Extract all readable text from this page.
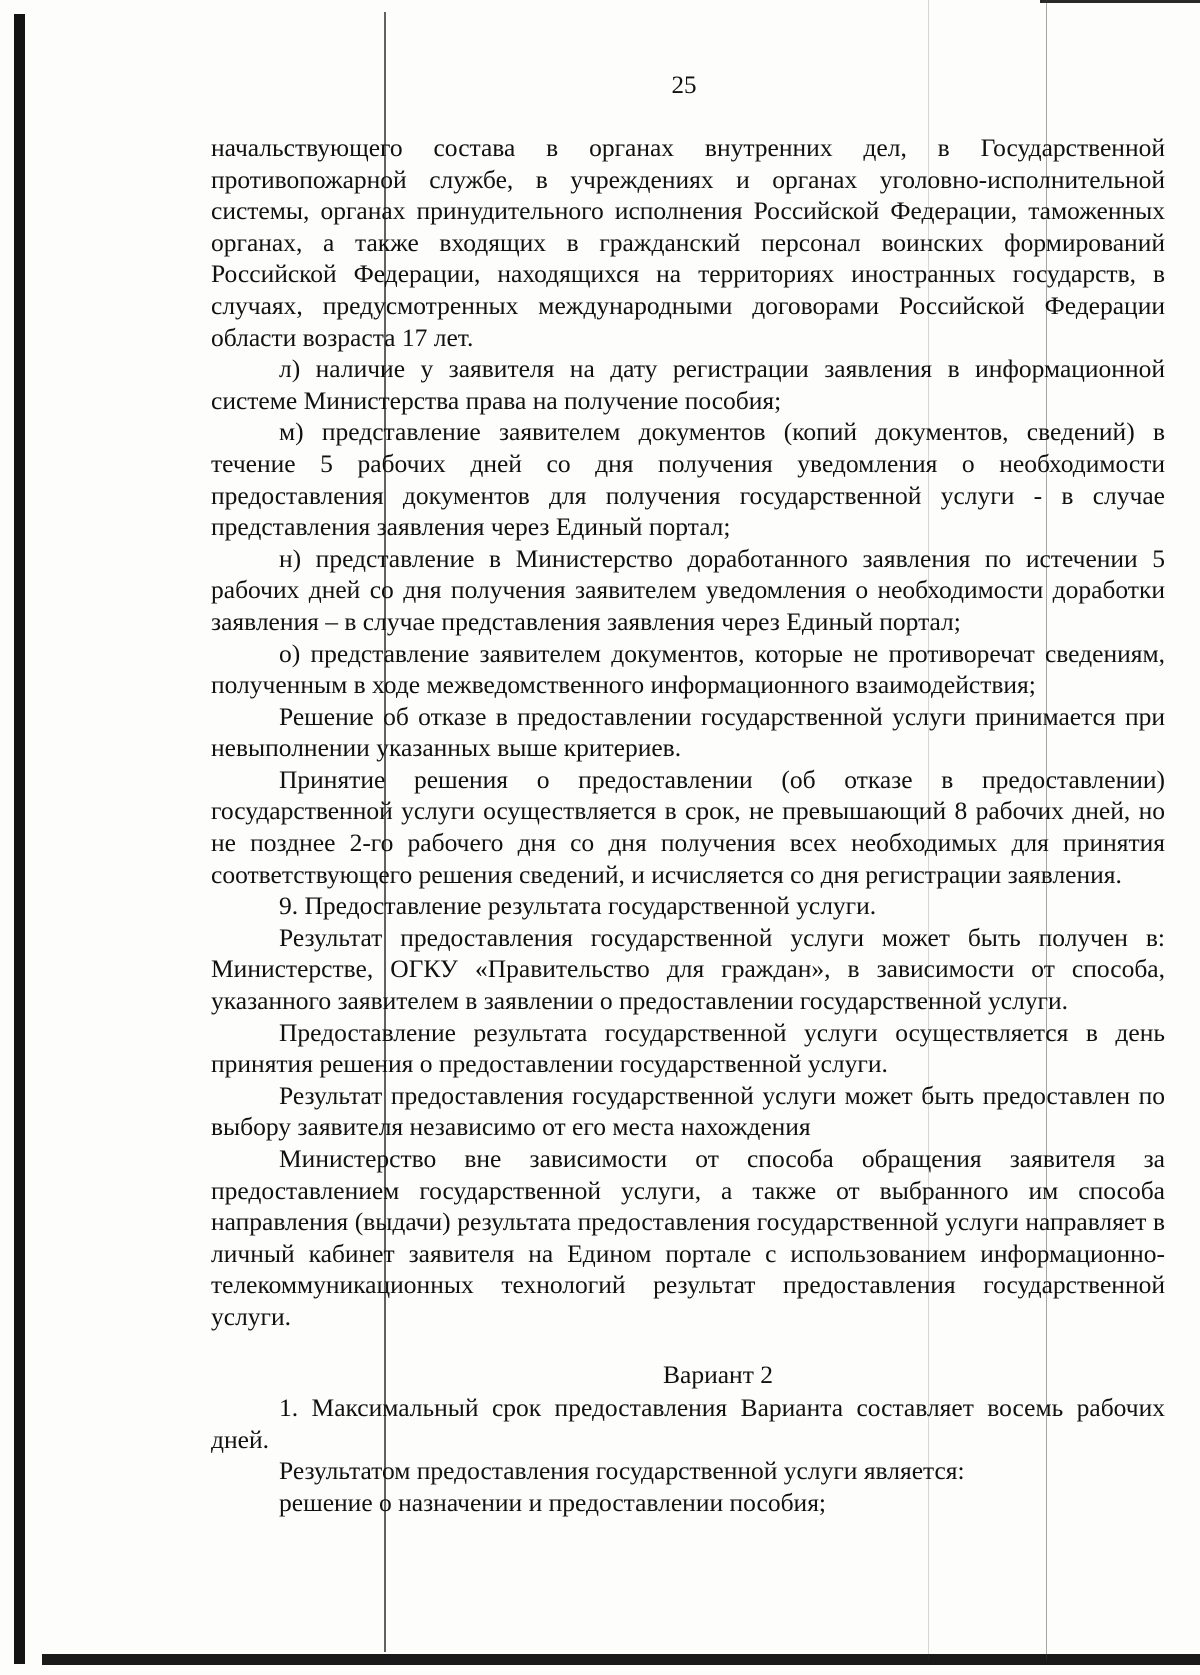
25

начальствующего состава в органах внутренних дел, в Государственной противопожарной службе, в учреждениях и органах уголовно-исполнительной системы, органах принудительного исполнения Российской Федерации, таможенных органах, а также входящих в гражданский персонал воинских формирований Российской Федерации, находящихся на территориях иностранных государств, в случаях, предусмотренных международными договорами Российской Федерации области возраста 17 лет.

л) наличие у заявителя на дату регистрации заявления в информационной системе Министерства права на получение пособия;

м) представление заявителем документов (копий документов, сведений) в течение 5 рабочих дней со дня получения уведомления о необходимости предоставления документов для получения государственной услуги - в случае представления заявления через Единый портал;

н) представление в Министерство доработанного заявления по истечении 5 рабочих дней со дня получения заявителем уведомления о необходимости доработки заявления – в случае представления заявления через Единый портал;

о) представление заявителем документов, которые не противоречат сведениям, полученным в ходе межведомственного информационного взаимодействия;

Решение об отказе в предоставлении государственной услуги принимается при невыполнении указанных выше критериев.

Принятие решения о предоставлении (об отказе в предоставлении) государственной услуги осуществляется в срок, не превышающий 8 рабочих дней, но не позднее 2-го рабочего дня со дня получения всех необходимых для принятия соответствующего решения сведений, и исчисляется со дня регистрации заявления.

9. Предоставление результата государственной услуги.

Результат предоставления государственной услуги может быть получен в: Министерстве, ОГКУ «Правительство для граждан», в зависимости от способа, указанного заявителем в заявлении о предоставлении государственной услуги.

Предоставление результата государственной услуги осуществляется в день принятия решения о предоставлении государственной услуги.

Результат предоставления государственной услуги может быть предоставлен по выбору заявителя независимо от его места нахождения

Министерство вне зависимости от способа обращения заявителя за предоставлением государственной услуги, а также от выбранного им способа направления (выдачи) результата предоставления государственной услуги направляет в личный кабинет заявителя на Едином портале с использованием информационно-телекоммуникационных технологий результат предоставления государственной услуги.

Вариант 2

1. Максимальный срок предоставления Варианта составляет восемь рабочих дней.

Результатом предоставления государственной услуги является:

решение о назначении и предоставлении пособия;
